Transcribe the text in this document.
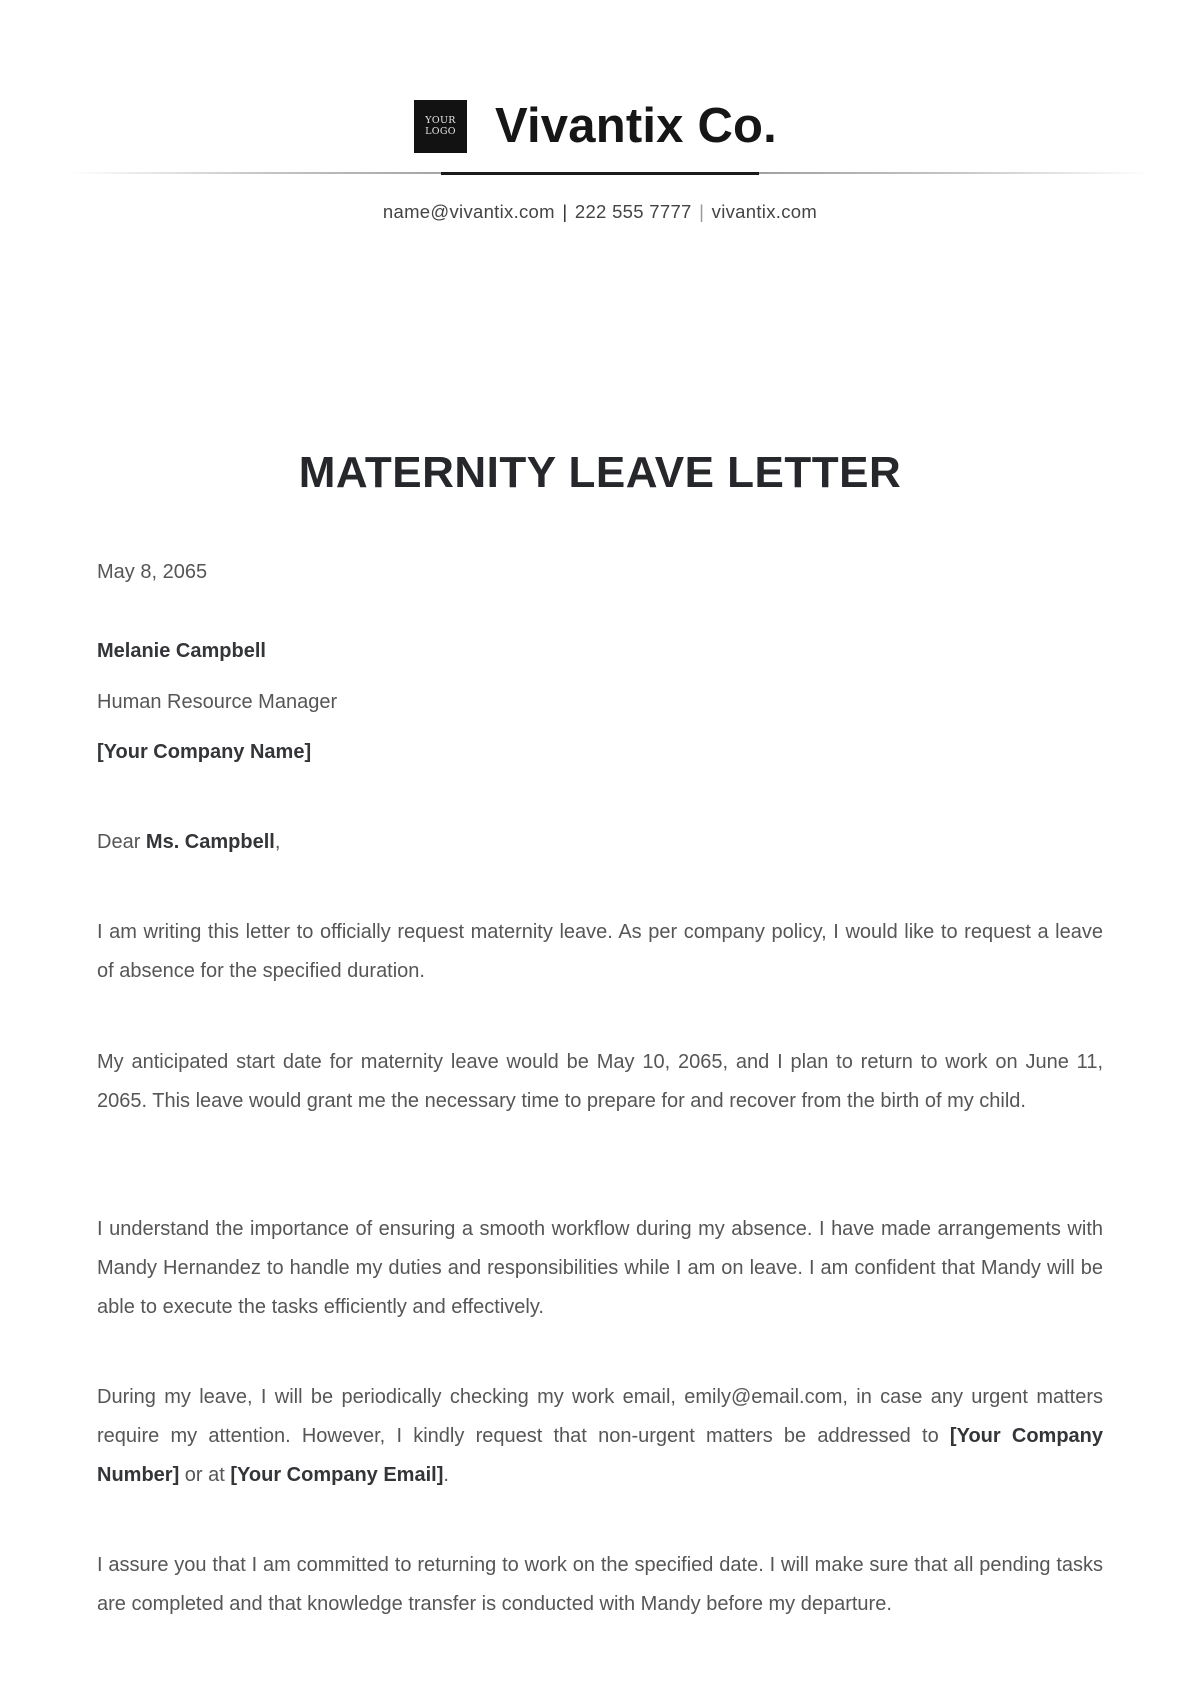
YOUR
LOGO Vivantix Co.
name@vivantix.com | 222 555 7777 | vivantix.com
MATERNITY LEAVE LETTER
May 8, 2065
Melanie Campbell
Human Resource Manager
[Your Company Name]
Dear Ms. Campbell,
I am writing this letter to officially request maternity leave. As per company policy, I would like to request a leave of absence for the specified duration.
My anticipated start date for maternity leave would be May 10, 2065, and I plan to return to work on June 11, 2065. This leave would grant me the necessary time to prepare for and recover from the birth of my child.
I understand the importance of ensuring a smooth workflow during my absence. I have made arrangements with Mandy Hernandez to handle my duties and responsibilities while I am on leave. I am confident that Mandy will be able to execute the tasks efficiently and effectively.
During my leave, I will be periodically checking my work email, emily@email.com, in case any urgent matters require my attention. However, I kindly request that non-urgent matters be addressed to [Your Company Number] or at [Your Company Email].
I assure you that I am committed to returning to work on the specified date. I will make sure that all pending tasks are completed and that knowledge transfer is conducted with Mandy before my departure.
